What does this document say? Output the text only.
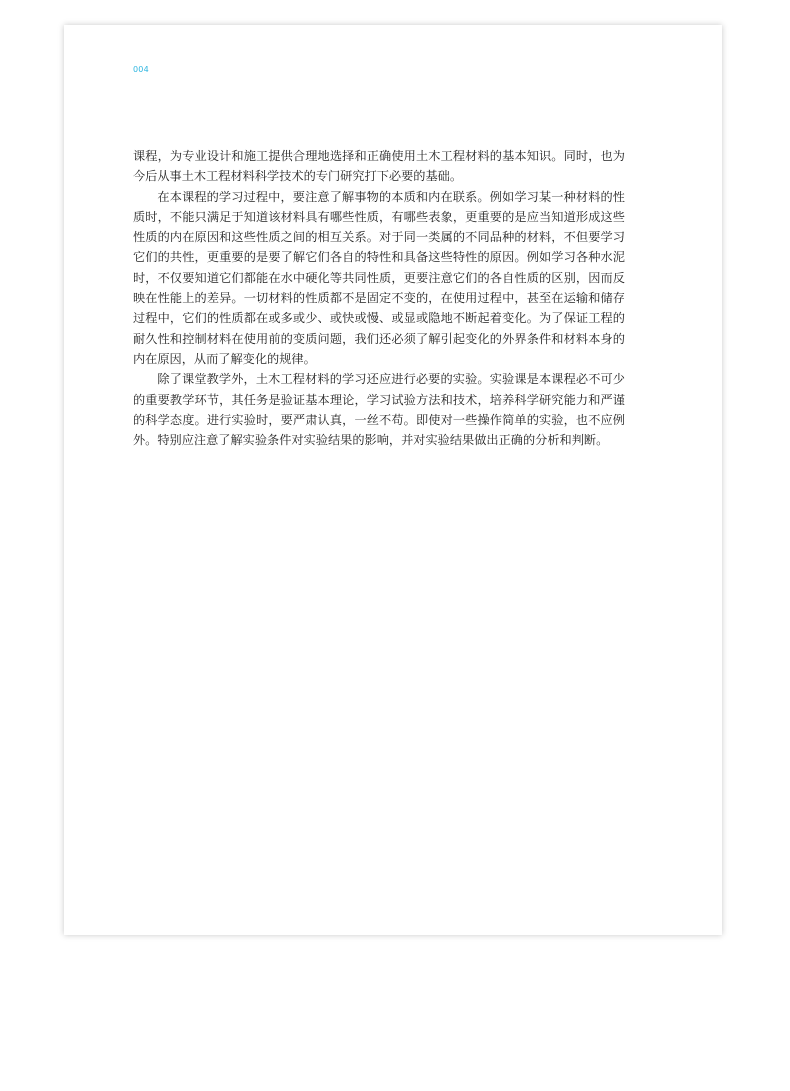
004

课程，为专业设计和施工提供合理地选择和正确使用土木工程材料的基本知识。同时，也为今后从事土木工程材料科学技术的专门研究打下必要的基础。

在本课程的学习过程中，要注意了解事物的本质和内在联系。例如学习某一种材料的性质时，不能只满足于知道该材料具有哪些性质，有哪些表象，更重要的是应当知道形成这些性质的内在原因和这些性质之间的相互关系。对于同一类属的不同品种的材料，不但要学习它们的共性，更重要的是要了解它们各自的特性和具备这些特性的原因。例如学习各种水泥时，不仅要知道它们都能在水中硬化等共同性质，更要注意它们的各自性质的区别，因而反映在性能上的差异。一切材料的性质都不是固定不变的，在使用过程中，甚至在运输和储存过程中，它们的性质都在或多或少、或快或慢、或显或隐地不断起着变化。为了保证工程的耐久性和控制材料在使用前的变质问题，我们还必须了解引起变化的外界条件和材料本身的内在原因，从而了解变化的规律。

除了课堂教学外，土木工程材料的学习还应进行必要的实验。实验课是本课程必不可少的重要教学环节，其任务是验证基本理论，学习试验方法和技术，培养科学研究能力和严谨的科学态度。进行实验时，要严肃认真，一丝不苟。即使对一些操作简单的实验，也不应例外。特别应注意了解实验条件对实验结果的影响，并对实验结果做出正确的分析和判断。
